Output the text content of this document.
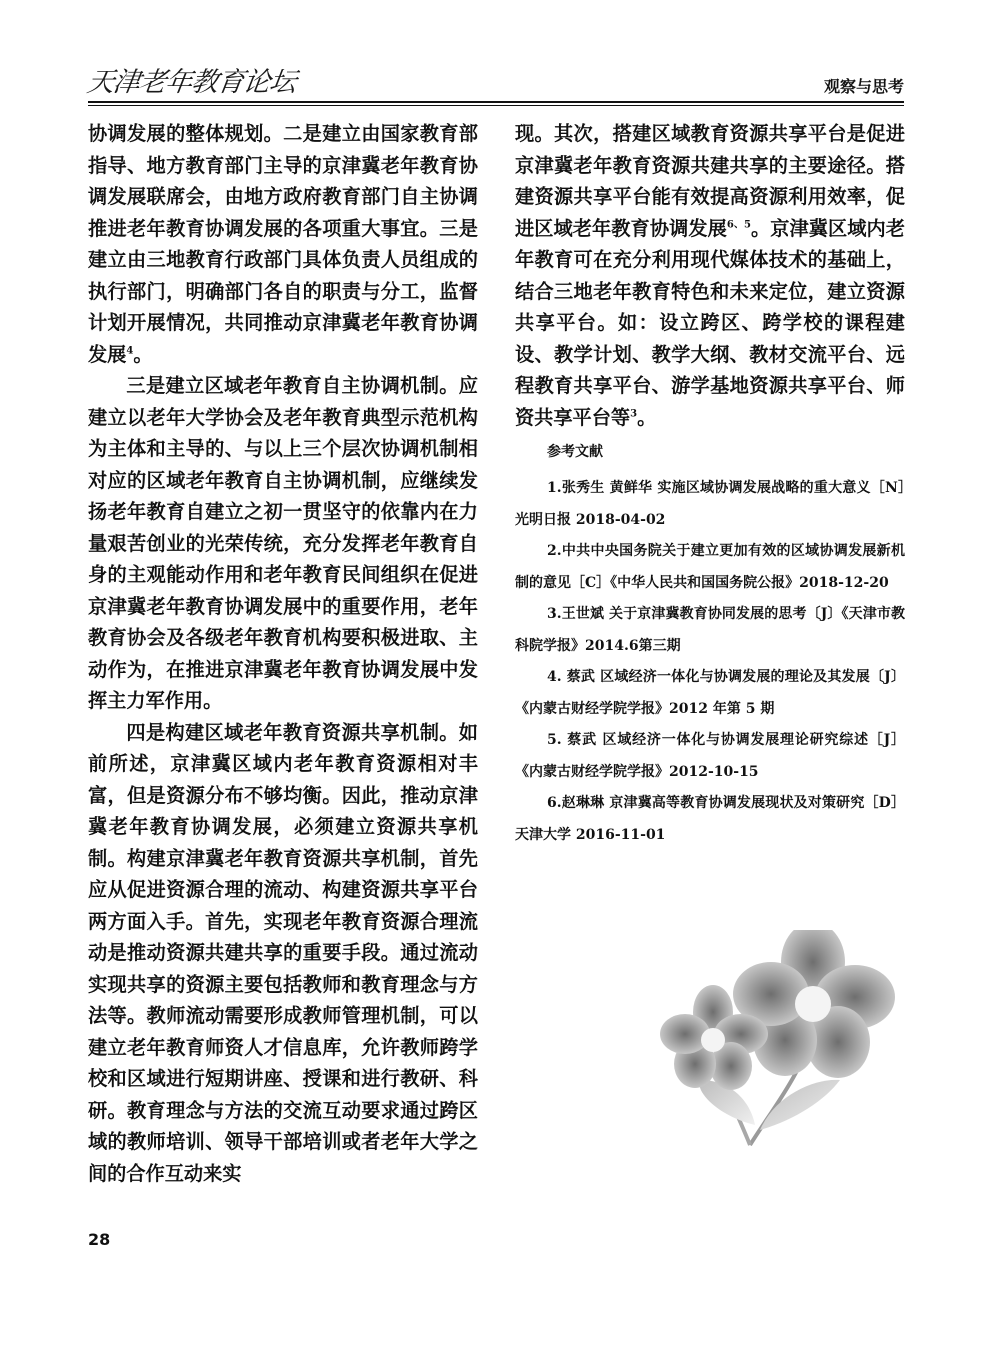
天津老年教育论坛	观察与思考

协调发展的整体规划。二是建立由国家教育部指导、地方教育部门主导的京津冀老年教育协调发展联席会，由地方政府教育部门自主协调推进老年教育协调发展的各项重大事宜。三是建立由三地教育行政部门具体负责人员组成的执行部门，明确部门各自的职责与分工，监督计划开展情况，共同推动京津冀老年教育协调发展$^4$。

三是建立区域老年教育自主协调机制。应建立以老年大学协会及老年教育典型示范机构为主体和主导的、与以上三个层次协调机制相对应的区域老年教育自主协调机制，应继续发扬老年教育自建立之初一贯坚守的依靠内在力量艰苦创业的光荣传统，充分发挥老年教育自身的主观能动作用和老年教育民间组织在促进京津冀老年教育协调发展中的重要作用，老年教育协会及各级老年教育机构要积极进取、主动作为，在推进京津冀老年教育协调发展中发挥主力军作用。

四是构建区域老年教育资源共享机制。如前所述，京津冀区域内老年教育资源相对丰富，但是资源分布不够均衡。因此，推动京津冀老年教育协调发展，必须建立资源共享机制。构建京津冀老年教育资源共享机制，首先应从促进资源合理的流动、构建资源共享平台两方面入手。首先，实现老年教育资源合理流动是推动资源共建共享的重要手段。通过流动实现共享的资源主要包括教师和教育理念与方法等。教师流动需要形成教师管理机制，可以建立老年教育师资人才信息库，允许教师跨学校和区域进行短期讲座、授课和进行教研、科研。教育理念与方法的交流互动要求通过跨区域的教师培训、领导干部培训或者老年大学之间的合作互动来实

现。其次，搭建区域教育资源共享平台是促进京津冀老年教育资源共建共享的主要途径。搭建资源共享平台能有效提高资源利用效率，促进区域老年教育协调发展$^{6、5}$。京津冀区域内老年教育可在充分利用现代媒体技术的基础上，结合三地老年教育特色和未来定位，建立资源共享平台。如：设立跨区、跨学校的课程建设、教学计划、教学大纲、教材交流平台、远程教育共享平台、游学基地资源共享平台、师资共享平台等$^3$。

参考文献

1.张秀生 黄鲜华 实施区域协调发展战略的重大意义［N］光明日报 2018-04-02

2.中共中央国务院关于建立更加有效的区域协调发展新机制的意见［C］《中华人民共和国国务院公报》2018-12-20

3.王世斌 关于京津冀教育协同发展的思考〔J〕《天津市教科院学报》2014.6第三期

4. 蔡武 区域经济一体化与协调发展的理论及其发展〔J〕《内蒙古财经学院学报》2012 年第 5 期

5. 蔡武 区域经济一体化与协调发展理论研究综述［J］《内蒙古财经学院学报》2012-10-15

6.赵琳琳 京津冀高等教育协调发展现状及对策研究［D］天津大学 2016-11-01

28
